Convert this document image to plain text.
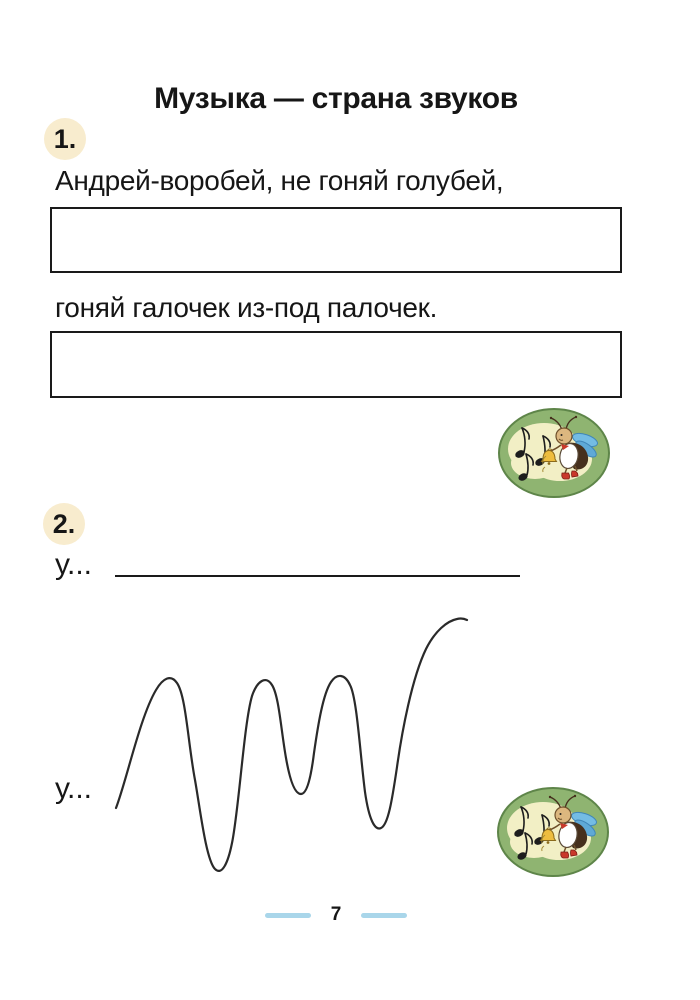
Музыка — страна звуков
1.

Андрей-воробей, не гоняй голубей,

гоняй галочек из-под палочек.

2.

у...

у...

7
